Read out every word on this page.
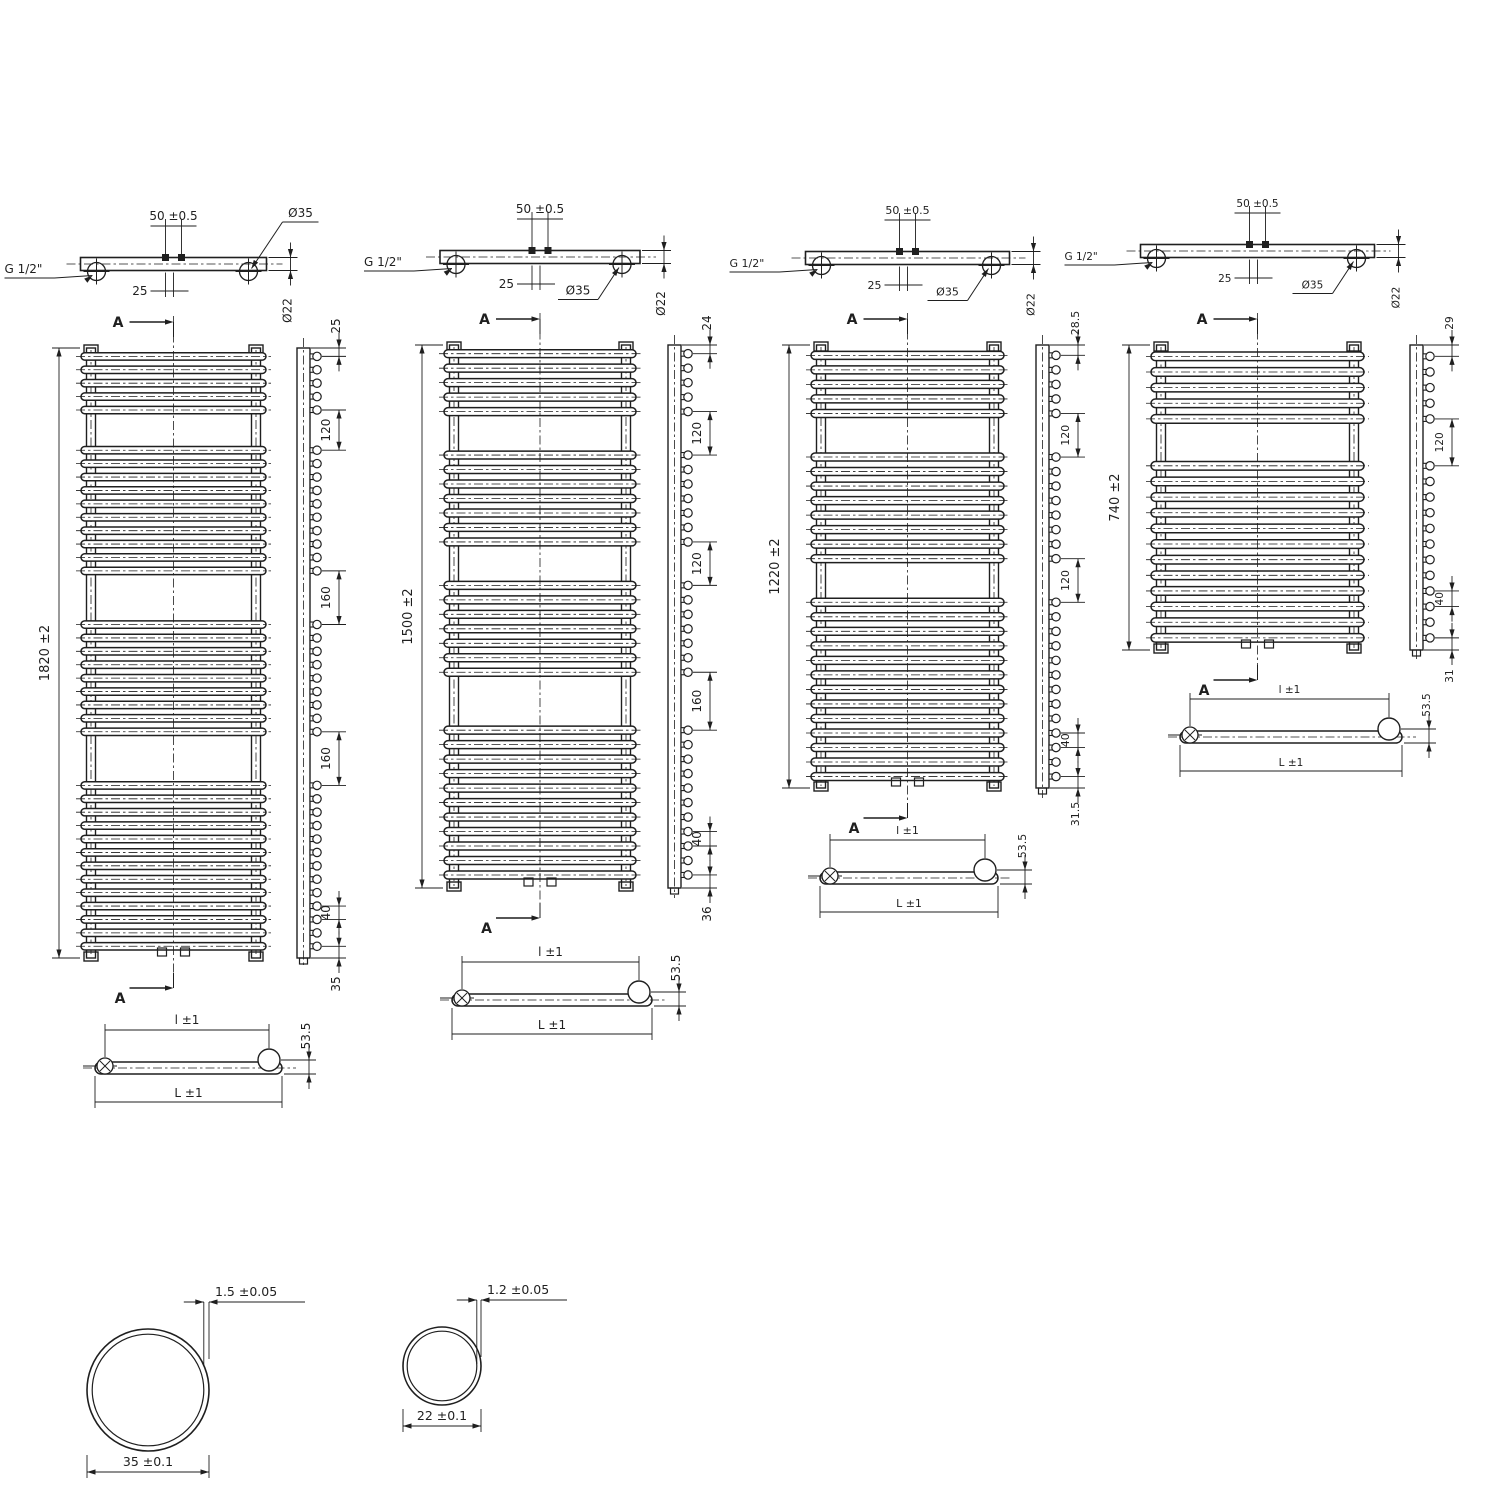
50 ±0.5
25
Ø22
Ø35
G 1/2"
1820 ±2
A
A
25
120
160
160
40
35
l ±1
L ±1
53.5
50 ±0.5
25
Ø22
Ø35
G 1/2"
1500 ±2
A
A
24
120
120
160
40
36
l ±1
L ±1
53.5
50 ±0.5
25
Ø22
Ø35
G 1/2"
1220 ±2
A
A
28.5
120
120
40
31.5
l ±1
L ±1
53.5
50 ±0.5
25
Ø22
Ø35
G 1/2"
740 ±2
A
A
29
120
40
31
l ±1
L ±1
53.5
35 ±0.1
1.5 ±0.05
22 ±0.1
1.2 ±0.05
